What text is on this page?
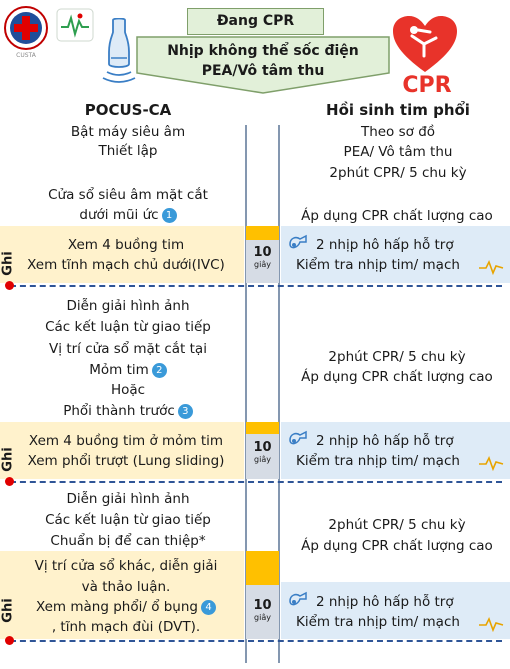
CUSTA
Đang CPR
Nhịp không thể sốc điện
PEA/Vô tâm thu
CPR
POCUS-CA
Bật máy siêu âm
Thiết lập
Hồi sinh tim phổi
Theo sơ đồ
PEA/ Vô tâm thu
2phút CPR/ 5 chu kỳ
Cửa sổ siêu âm mặt cắt
dưới mũi ức 1	Áp dụng CPR chất lượng cao
10
giây
Xem 4 buồng tim
Xem tĩnh mạch chủ dưới(IVC)
2 nhịp hô hấp hỗ trợ
Kiểm tra nhịp tim/ mạch
Ghi
Diễn giải hình ảnh
Các kết luận từ giao tiếp
Vị trí cửa sổ mặt cắt tại
Mỏm tim 2
Hoặc
Phổi thành trước 3
2phút CPR/ 5 chu kỳ
Áp dụng CPR chất lượng cao
10
giây
Xem 4 buồng tim ở mỏm tim
Xem phổi trượt (Lung sliding)
2 nhịp hô hấp hỗ trợ
Kiểm tra nhịp tim/ mạch
Ghi
Diễn giải hình ảnh
Các kết luận từ giao tiếp
Chuẩn bị để can thiệp*
2phút CPR/ 5 chu kỳ
Áp dụng CPR chất lượng cao
10
giây
Vị trí cửa sổ khác, diễn giải
và thảo luận.
Xem màng phổi/ ổ bụng 4
, tĩnh mạch đùi (DVT).
2 nhịp hô hấp hỗ trợ
Kiểm tra nhịp tim/ mạch
Ghi
